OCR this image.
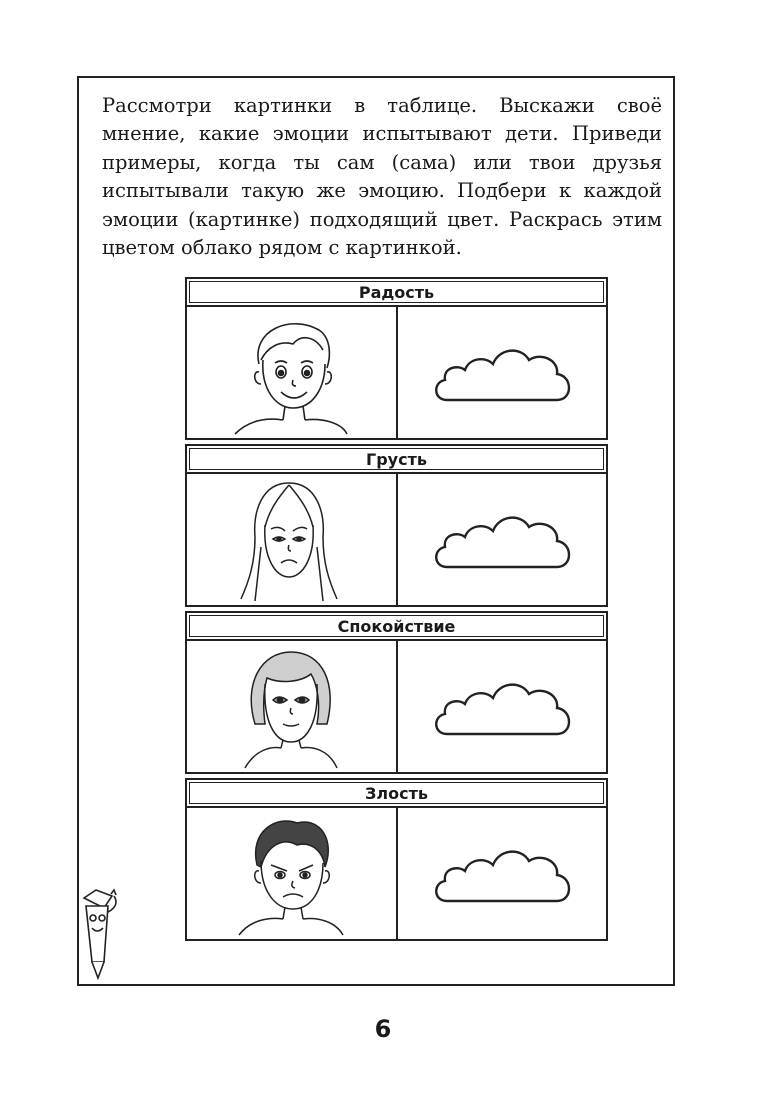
Рассмотри картинки в таблице. Выскажи своё мнение, какие эмоции испытывают дети. Приведи примеры, когда ты сам (сама) или твои друзья испытывали такую же эмоцию. Подбери к каждой эмоции (картинке) подходящий цвет. Раскрась этим цветом облако рядом с картинкой.

Радость
Грусть
Спокойствие
Злость
6
